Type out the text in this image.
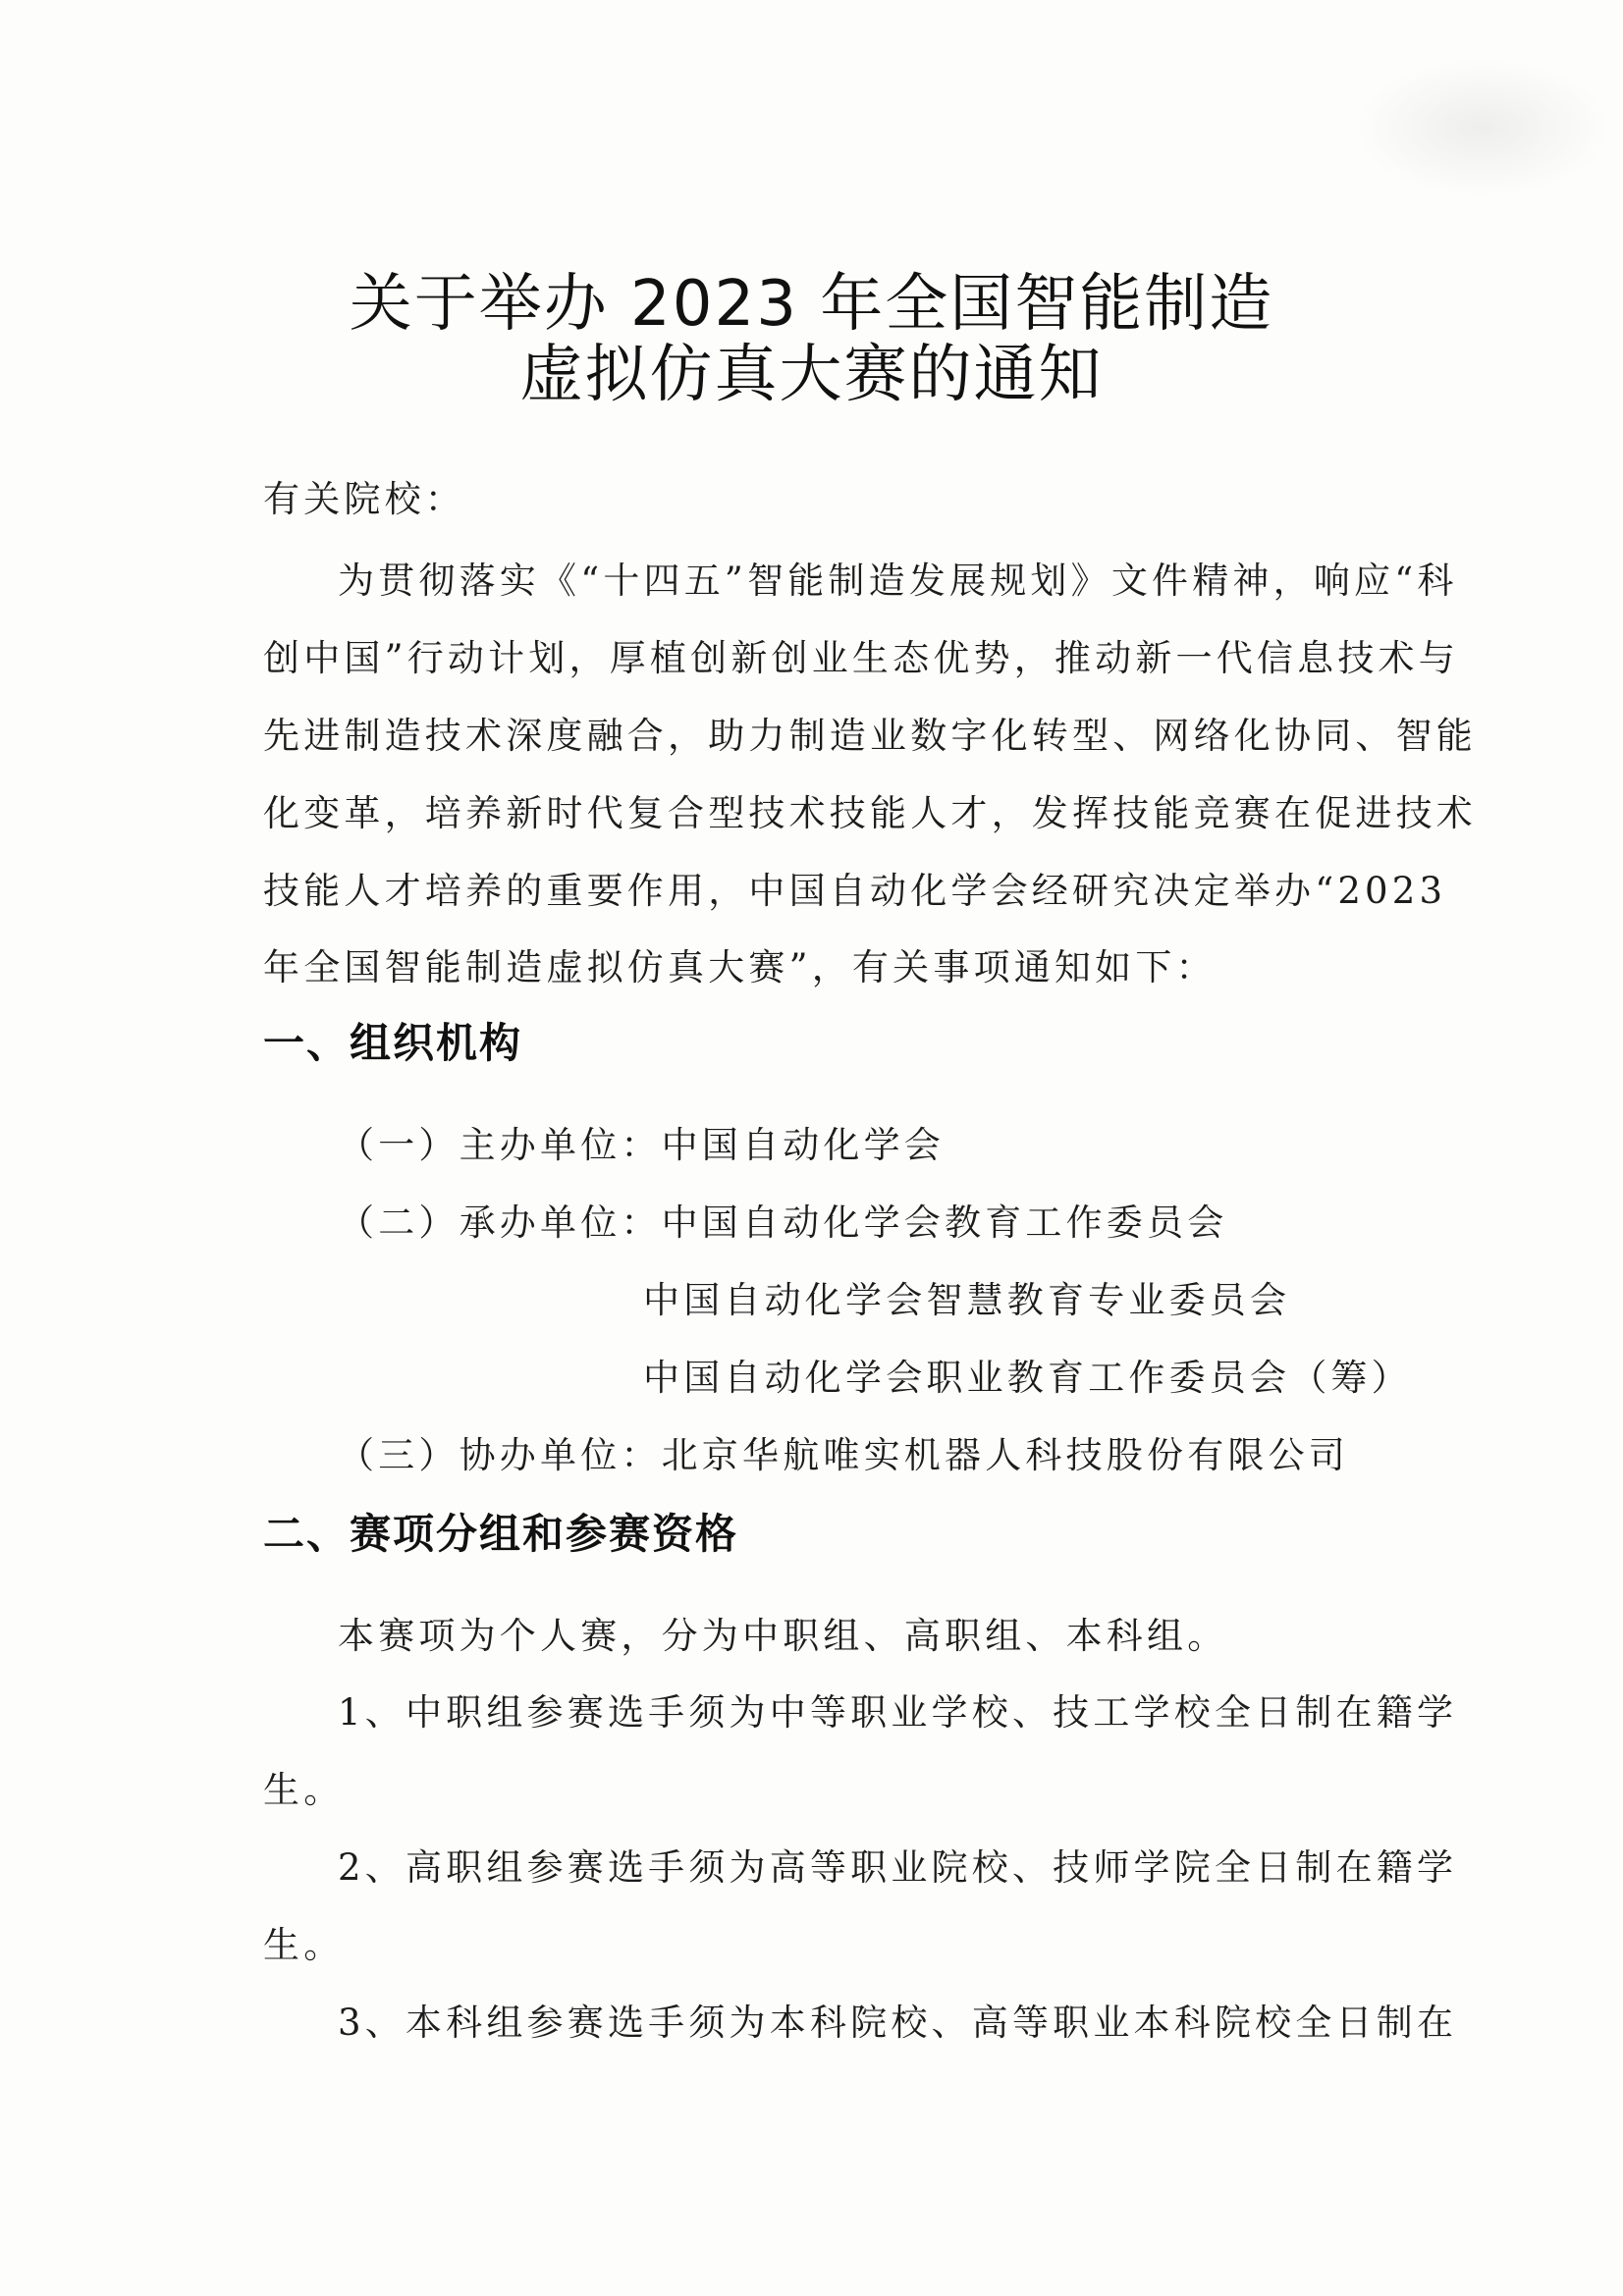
关于举办 2023 年全国智能制造
虚拟仿真大赛的通知

有关院校：

为贯彻落实《“十四五”智能制造发展规划》文件精神，响应“科

创中国”行动计划，厚植创新创业生态优势，推动新一代信息技术与

先进制造技术深度融合，助力制造业数字化转型、网络化协同、智能

化变革，培养新时代复合型技术技能人才，发挥技能竞赛在促进技术

技能人才培养的重要作用，中国自动化学会经研究决定举办“2023

年全国智能制造虚拟仿真大赛”，有关事项通知如下：

一、组织机构

（一）主办单位：中国自动化学会

（二）承办单位：中国自动化学会教育工作委员会

中国自动化学会智慧教育专业委员会

中国自动化学会职业教育工作委员会（筹）

（三）协办单位：北京华航唯实机器人科技股份有限公司

二、赛项分组和参赛资格

本赛项为个人赛，分为中职组、高职组、本科组。

1、中职组参赛选手须为中等职业学校、技工学校全日制在籍学

生。

2、高职组参赛选手须为高等职业院校、技师学院全日制在籍学

生。

3、本科组参赛选手须为本科院校、高等职业本科院校全日制在
